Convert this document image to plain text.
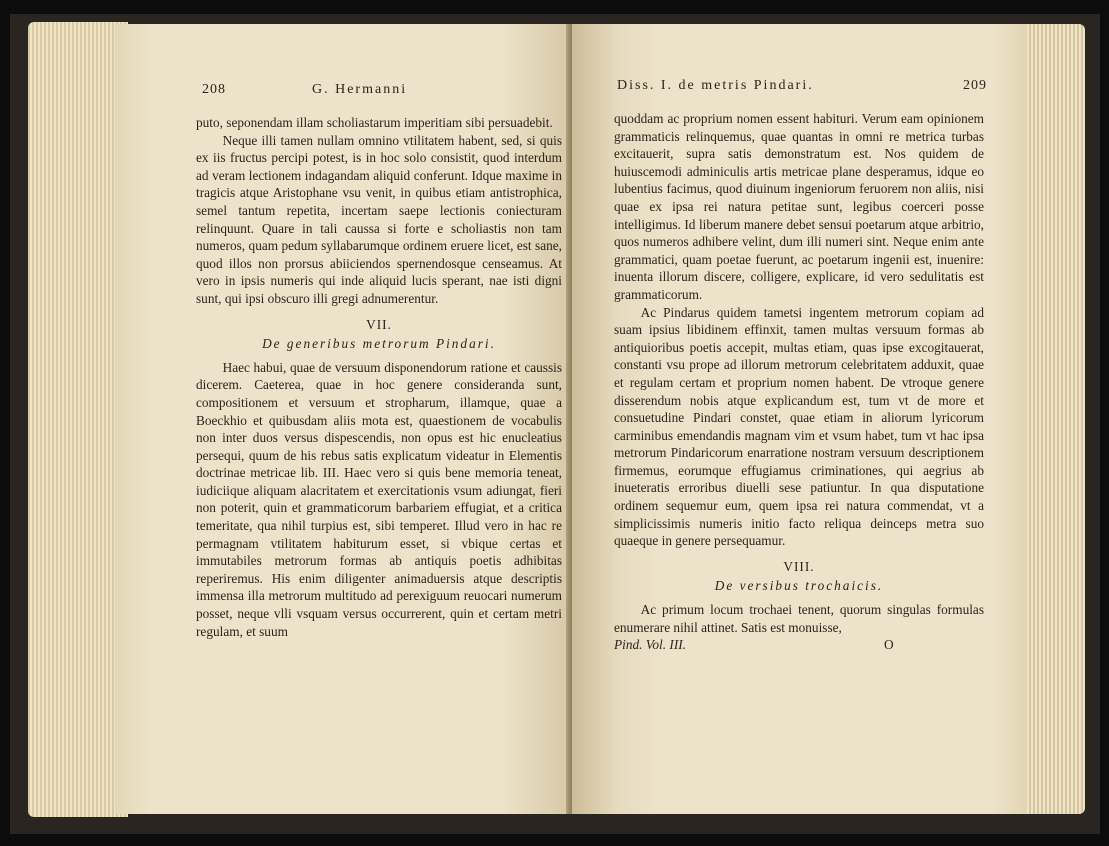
208	G. Hermanni

puto, seponendam illam scholiastarum imperitiam sibi persuadebit.

Neque illi tamen nullam omnino vtilitatem habent, sed, si quis ex iis fructus percipi potest, is in hoc solo consistit, quod interdum ad veram lectionem indagandam aliquid conferunt. Idque maxime in tragicis atque Aristophane vsu venit, in quibus etiam antistrophica, semel tantum repetita, incertam saepe lectionis coniecturam relinquunt. Quare in tali caussa si forte e scholiastis non tam numeros, quam pedum syllabarumque ordinem eruere licet, est sane, quod illos non prorsus abiiciendos spernendosque censeamus. At vero in ipsis numeris qui inde aliquid lucis sperant, nae isti digni sunt, qui ipsi obscuro illi gregi adnumerentur.

VII.
De generibus metrorum Pindari.

Haec habui, quae de versuum disponendorum ratione et caussis dicerem. Caeterea, quae in hoc genere consideranda sunt, compositionem et versuum et stropharum, illamque, quae a Boeckhio et quibusdam aliis mota est, quaestionem de vocabulis non inter duos versus dispescendis, non opus est hic enucleatius persequi, quum de his rebus satis explicatum videatur in Elementis doctrinae metricae lib. III. Haec vero si quis bene memoria teneat, iudiciique aliquam alacritatem et exercitationis vsum adiungat, fieri non poterit, quin et grammaticorum barbariem effugiat, et a critica temeritate, qua nihil turpius est, sibi temperet. Illud vero in hac re permagnam vtilitatem habiturum esset, si vbique certas et immutabiles metrorum formas ab antiquis poetis adhibitas reperiremus. His enim diligenter animaduersis atque descriptis immensa illa metrorum multitudo ad perexiguum reuocari numerum posset, neque vlli vsquam versus occurrerent, quin et certam metri regulam, et suum

Diss. I. de metris Pindari.	209

quoddam ac proprium nomen essent habituri. Verum eam opinionem grammaticis relinquemus, quae quantas in omni re metrica turbas excitauerit, supra satis demonstratum est. Nos quidem de huiuscemodi adminiculis artis metricae plane desperamus, idque eo lubentius facimus, quod diuinum ingeniorum feruorem non aliis, nisi quae ex ipsa rei natura petitae sunt, legibus coerceri posse intelligimus. Id liberum manere debet sensui poetarum atque arbitrio, quos numeros adhibere velint, dum illi numeri sint. Neque enim ante grammatici, quam poetae fuerunt, ac poetarum ingenii est, inuenire: inuenta illorum discere, colligere, explicare, id vero sedulitatis est grammaticorum.

Ac Pindarus quidem tametsi ingentem metrorum copiam ad suam ipsius libidinem effinxit, tamen multas versuum formas ab antiquioribus poetis accepit, multas etiam, quas ipse excogitauerat, constanti vsu prope ad illorum metrorum celebritatem adduxit, quae et regulam certam et proprium nomen habent. De vtroque genere disserendum nobis atque explicandum est, tum vt de more et consuetudine Pindari constet, quae etiam in aliorum lyricorum carminibus emendandis magnam vim et vsum habet, tum vt hac ipsa metrorum Pindaricorum enarratione nostram versuum descriptionem firmemus, eorumque effugiamus criminationes, qui aegrius ab inueteratis erroribus diuelli sese patiuntur. In qua disputatione ordinem sequemur eum, quem ipsa rei natura commendat, vt a simplicissimis numeris initio facto reliqua deinceps metra suo quaeque in genere persequamur.

VIII.
De versibus trochaicis.

Ac primum locum trochaei tenent, quorum singulas formulas enumerare nihil attinet. Satis est monuisse,

Pind. Vol. III.	O
